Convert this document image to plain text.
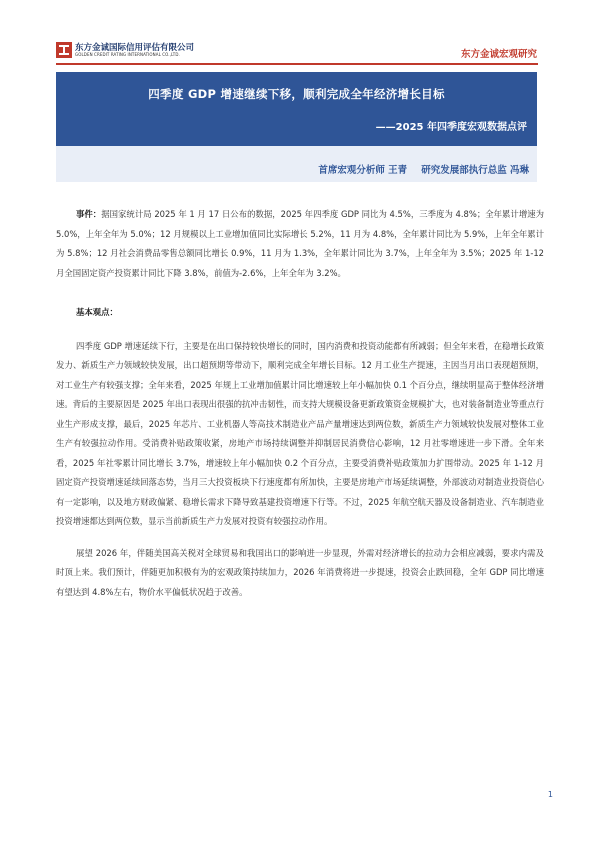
东方金诚国际信用评估有限公司
GOLDEN CREDIT RATING INTERNATIONAL CO.,LTD.	东方金诚宏观研究
四季度 GDP 增速继续下移，顺利完成全年经济增长目标
——2025 年四季度宏观数据点评
首席宏观分析师 王青 研究发展部执行总监 冯琳

事件：据国家统计局 2025 年 1 月 17 日公布的数据，2025 年四季度 GDP 同比为 4.5%，三季度为 4.8%；全年累计增速为 5.0%，上年全年为 5.0%；12 月规模以上工业增加值同比实际增长 5.2%，11 月为 4.8%，全年累计同比为 5.9%，上年全年累计为 5.8%；12 月社会消费品零售总额同比增长 0.9%，11 月为 1.3%，全年累计同比为 3.7%，上年全年为 3.5%；2025 年 1-12 月全国固定资产投资累计同比下降 3.8%，前值为-2.6%，上年全年为 3.2%。

基本观点：

四季度 GDP 增速延续下行，主要是在出口保持较快增长的同时，国内消费和投资动能都有所减弱；但全年来看，在稳增长政策发力、新质生产力领域较快发展，出口超预期等带动下，顺利完成全年增长目标。12 月工业生产提速，主因当月出口表现超预期，对工业生产有较强支撑；全年来看，2025 年规上工业增加值累计同比增速较上年小幅加快 0.1 个百分点，继续明显高于整体经济增速。背后的主要原因是 2025 年出口表现出很强的抗冲击韧性，而支持大规模设备更新政策资金规模扩大，也对装备制造业等重点行业生产形成支撑，最后，2025 年芯片、工业机器人等高技术制造业产品产量增速达到两位数，新质生产力领域较快发展对整体工业生产有较强拉动作用。受消费补贴政策收紧，房地产市场持续调整并抑制居民消费信心影响，12 月社零增速进一步下滑。全年来看，2025 年社零累计同比增长 3.7%，增速较上年小幅加快 0.2 个百分点，主要受消费补贴政策加力扩围带动。2025 年 1-12 月固定资产投资增速延续回落态势，当月三大投资板块下行速度都有所加快，主要是房地产市场延续调整，外部波动对制造业投资信心有一定影响，以及地方财政偏紧、稳增长需求下降导致基建投资增速下行等。不过，2025 年航空航天器及设备制造业、汽车制造业投资增速都达到两位数，显示当前新质生产力发展对投资有较强拉动作用。

展望 2026 年，伴随美国高关税对全球贸易和我国出口的影响进一步显现，外需对经济增长的拉动力会相应减弱，要求内需及时顶上来。我们预计，伴随更加积极有为的宏观政策持续加力，2026 年消费将进一步提速，投资会止跌回稳，全年 GDP 同比增速有望达到 4.8%左右，物价水平偏低状况趋于改善。

1
